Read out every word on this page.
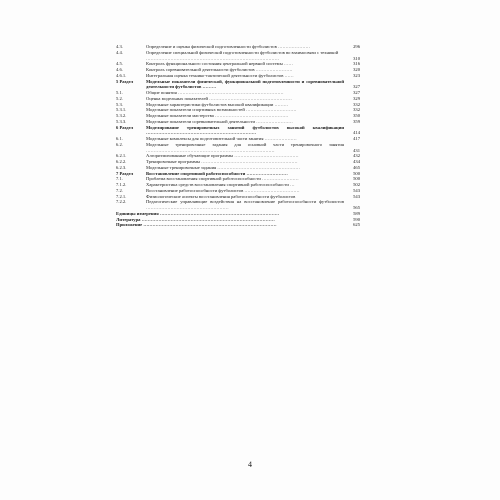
4.3.	Определение и оценка физической подготовленности футболистов …………………	296
4.4.	Определение специальной физической подготовленности футболистов во взаимосвязи с техникой
……………………………………………………………………………	310
4.5.	Контроль функционального состояния центральной нервной системы ……	316
4.6.	Контроль соревновательной деятельности футболистов ……………………	320
4.6.1.	Интегральная оценка технико-тактической деятельности футболистов ……	323
5 Раздел	Модельные показатели физической, функциональной подготовленности и соревновательной деятельности футболистов ………	327
5.1.	Общие понятия ……………………………………………………………	327
5.2.	Оценка модельных показателей ………………………………………………	329
5.3.	Модельные характеристики футболистов высокой квалификации ………	332
5.3.1.	Модельные показатели спортивных возможностей ……………………………	332
5.3.2.	Модельные показатели мастерства …………………………………………	350
5.3.3.	Модельные показатели соревновательной деятельности ……………………	359
6 Раздел	Моделирование тренировочных занятий футболистов высокой квалификации ………………………………………………………………	414
6.1.	Модельные комплексы для подготовительной части занятия …………………	417
6.2.	Модельные тренировочные задания для основной части тренировочного занятия …………………………………………………………………………	431
6.2.1.	Алгоритмизованные обучающие программы ……………………………………	432
6.2.2.	Тренировочные программы ………………………………………………………	434
6.2.3.	Модельные тренировочные задания ………………………………………………	465
7 Раздел	Восстановление спортивной работоспособности ………………………	500
7.1.	Проблема восстановления спортивной работоспособности ……………………	500
7.1.2.	Характеристика средств восстановления спортивной работоспособности …	502
7.2.	Восстановление работоспособности футболистов ………………………………	543
7.2.1.	Физиологические аспекты восстановления работоспособности футболистов	543
7.2.2.	Педагогические управляющие воздействия на восстановление работоспособности футболистов ………………………………………………	565
Единицы измерения ……………………………………………………………………	589
Литература ……………………………………………………………………………	590
Приложение ……………………………………………………………………………	625
4
